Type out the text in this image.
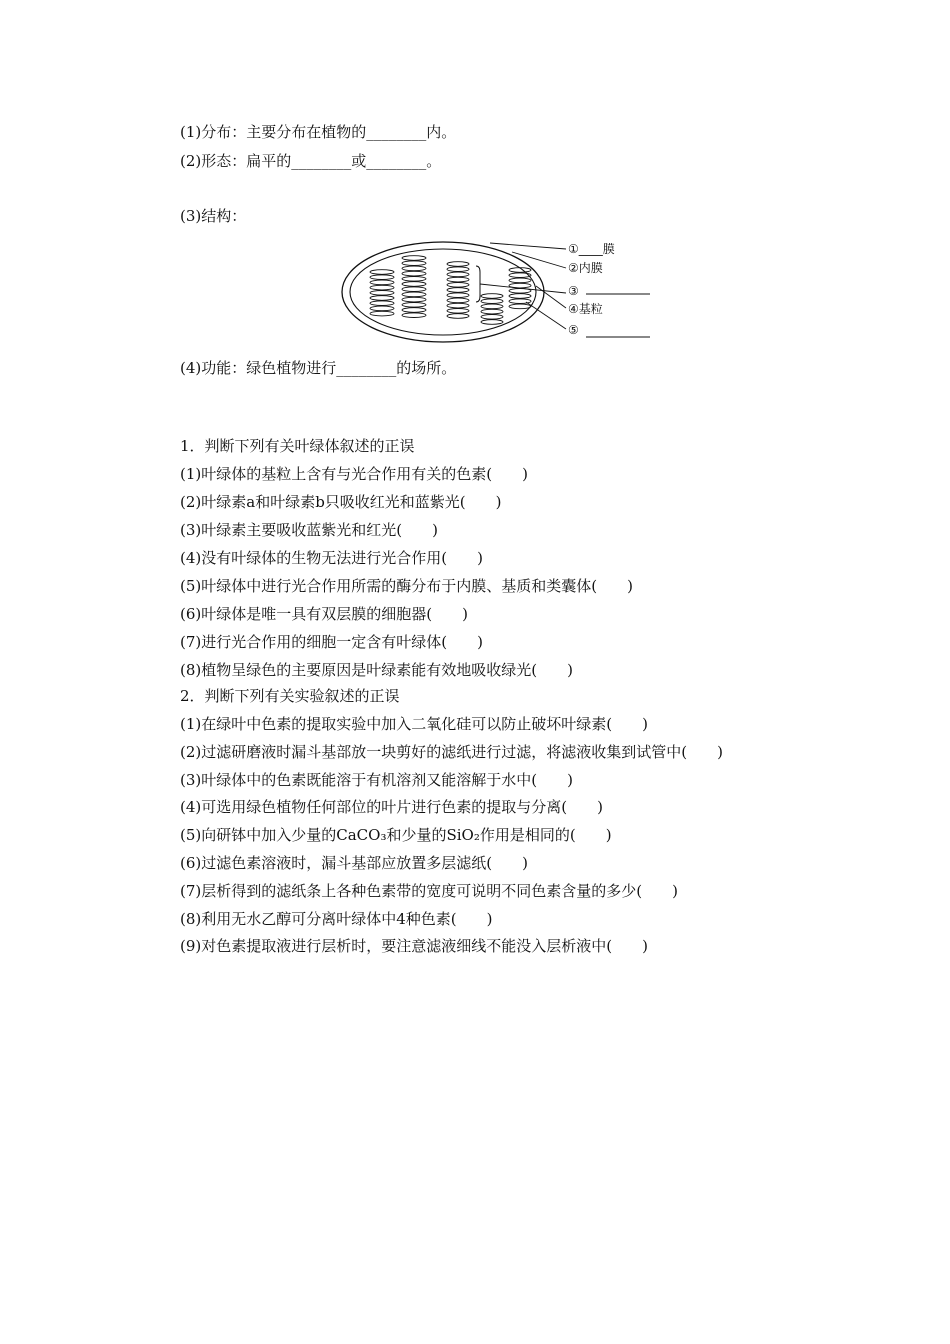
(1)分布：主要分布在植物的________内。
(2)形态：扁平的________或________。
(3)结构：
①____膜
②内膜
③
④基粒
⑤
(4)功能：绿色植物进行________的场所。
1．判断下列有关叶绿体叙述的正误
(1)叶绿体的基粒上含有与光合作用有关的色素(　　)
(2)叶绿素a和叶绿素b只吸收红光和蓝紫光(　　)
(3)叶绿素主要吸收蓝紫光和红光(　　)
(4)没有叶绿体的生物无法进行光合作用(　　)
(5)叶绿体中进行光合作用所需的酶分布于内膜、基质和类囊体(　　)
(6)叶绿体是唯一具有双层膜的细胞器(　　)
(7)进行光合作用的细胞一定含有叶绿体(　　)
(8)植物呈绿色的主要原因是叶绿素能有效地吸收绿光(　　)
2．判断下列有关实验叙述的正误
(1)在绿叶中色素的提取实验中加入二氧化硅可以防止破坏叶绿素(　　)
(2)过滤研磨液时漏斗基部放一块剪好的滤纸进行过滤，将滤液收集到试管中(　　)
(3)叶绿体中的色素既能溶于有机溶剂又能溶解于水中(　　)
(4)可选用绿色植物任何部位的叶片进行色素的提取与分离(　　)
(5)向研钵中加入少量的CaCO₃和少量的SiO₂作用是相同的(　　)
(6)过滤色素溶液时，漏斗基部应放置多层滤纸(　　)
(7)层析得到的滤纸条上各种色素带的宽度可说明不同色素含量的多少(　　)
(8)利用无水乙醇可分离叶绿体中4种色素(　　)
(9)对色素提取液进行层析时，要注意滤液细线不能没入层析液中(　　)
